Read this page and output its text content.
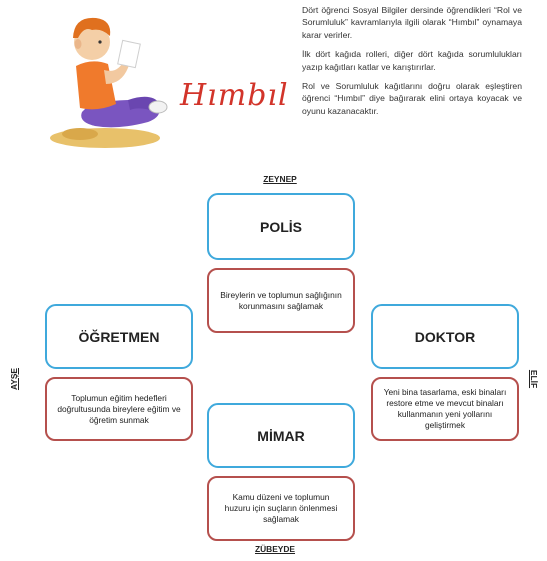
Hımbıl

Dört öğrenci Sosyal Bilgiler dersinde öğrendikleri “Rol ve Sorumluluk” kavramlarıyla ilgili olarak “Hımbıl” oynamaya karar verirler.

İlk dört kağıda rolleri, diğer dört kağıda sorumlulukları yazıp kağıtları katlar ve karıştırırlar.

Rol ve Sorumluluk kağıtlarını doğru olarak eşleştiren öğrenci “Hımbıl” diye bağırarak elini ortaya koyacak ve oyunu kazanacaktır.

ZEYNEP
ZÜBEYDE
AYŞE	ELİF
POLİS
ÖĞRETMEN	DOKTOR
MİMAR
Bireylerin ve toplumun sağlığının korunmasını sağlamak
Toplumun eğitim hedefleri doğrultusunda bireylere eğitim ve öğretim sunmak
Yeni bina tasarlama, eski binaları restore etme ve mevcut binaları kullanmanın yeni yollarını geliştirmek
Kamu düzeni ve toplumun huzuru için suçların önlenmesi sağlamak
